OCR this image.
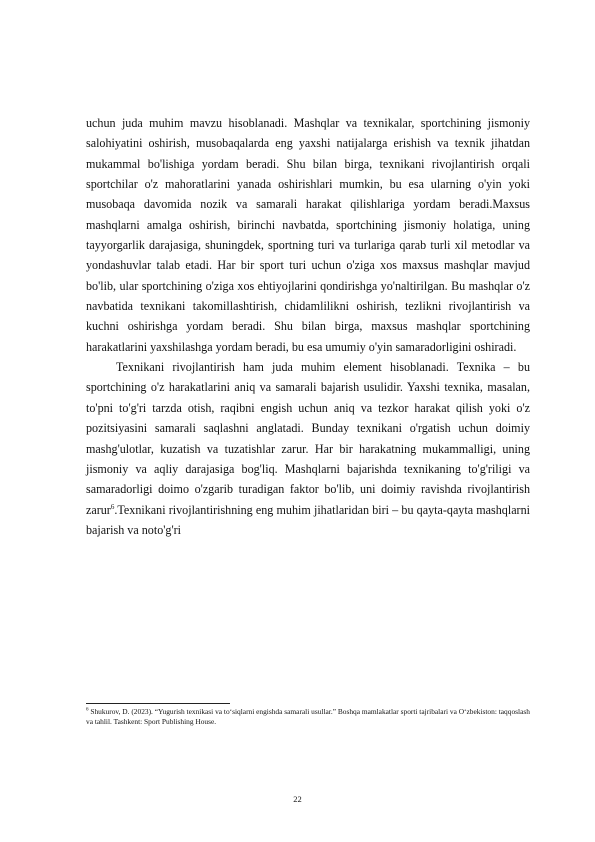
uchun juda muhim mavzu hisoblanadi. Mashqlar va texnikalar, sportchining jismoniy salohiyatini oshirish, musobaqalarda eng yaxshi natijalarga erishish va texnik jihatdan mukammal bo'lishiga yordam beradi. Shu bilan birga, texnikani rivojlantirish orqali sportchilar o'z mahoratlarini yanada oshirishlari mumkin, bu esa ularning o'yin yoki musobaqa davomida nozik va samarali harakat qilishlariga yordam beradi.Maxsus mashqlarni amalga oshirish, birinchi navbatda, sportchining jismoniy holatiga, uning tayyorgarlik darajasiga, shuningdek, sportning turi va turlariga qarab turli xil metodlar va yondashuvlar talab etadi. Har bir sport turi uchun o'ziga xos maxsus mashqlar mavjud bo'lib, ular sportchining o'ziga xos ehtiyojlarini qondirishga yo'naltirilgan. Bu mashqlar o'z navbatida texnikani takomillashtirish, chidamlilikni oshirish, tezlikni rivojlantirish va kuchni oshirishga yordam beradi. Shu bilan birga, maxsus mashqlar sportchining harakatlarini yaxshilashga yordam beradi, bu esa umumiy o'yin samaradorligini oshiradi.

Texnikani rivojlantirish ham juda muhim element hisoblanadi. Texnika – bu sportchining o'z harakatlarini aniq va samarali bajarish usulidir. Yaxshi texnika, masalan, to'pni to'g'ri tarzda otish, raqibni engish uchun aniq va tezkor harakat qilish yoki o'z pozitsiyasini samarali saqlashni anglatadi. Bunday texnikani o'rgatish uchun doimiy mashg'ulotlar, kuzatish va tuzatishlar zarur. Har bir harakatning mukammalligi, uning jismoniy va aqliy darajasiga bog'liq. Mashqlarni bajarishda texnikaning to'g'riligi va samaradorligi doimo o'zgarib turadigan faktor bo'lib, uni doimiy ravishda rivojlantirish zarur$^6$.Texnikani rivojlantirishning eng muhim jihatlaridan biri – bu qayta-qayta mashqlarni bajarish va noto'g'ri

$^6$ Shukurov, D. (2023). “Yugurish texnikasi va to‘siqlarni engishda samarali usullar.” Boshqa mamlakatlar sporti tajribalari va O‘zbekiston: taqqoslash va tahlil. Tashkent: Sport Publishing House.
22
